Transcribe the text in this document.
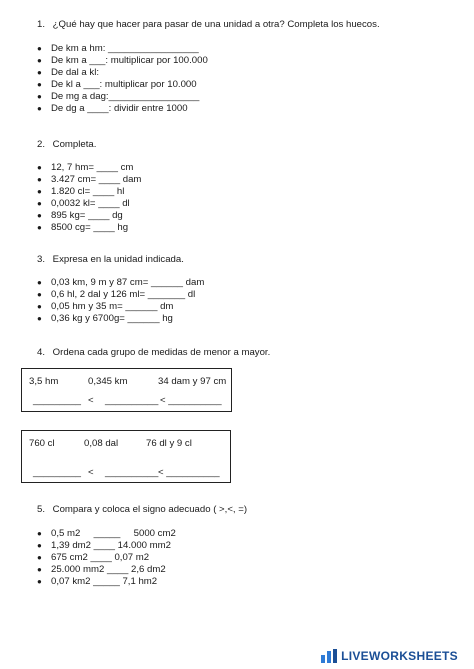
1. ¿Qué hay que hacer para pasar de una unidad a otra? Completa los huecos.
● De km a hm: _________________
● De km a ___: multiplicar por 100.000
● De dal a kl:
● De kl a ___: multiplicar por 10.000
● De mg a dag:_________________
● De dg a ____: dividir entre 1000
2. Completa.
● 12, 7 hm= ____ cm
● 3.427 cm= ____ dam
● 1.820 cl= ____ hl
● 0,0032 kl= ____ dl
● 895 kg= ____ dg
● 8500 cg= ____ hg
3. Expresa en la unidad indicada.
● 0,03 km, 9 m y 87 cm= ______ dam
● 0,6 hl, 2 dal y 126 ml= _______ dl
● 0,05 hm y 35 m= ______ dm
● 0,36 kg y 6700g= ______ hg
4. Ordena cada grupo de medidas de menor a mayor.
3,5 hm	0,345 km	34 dam y 97 cm
_________ < __________ < __________
760 cl	0,08 dal	76 dl y 9 cl
_________ < __________ < __________
5. Compara y coloca el signo adecuado ( >,<, =)
● 0,5 m2     _____     5000 cm2
● 1,39 dm2 ____ 14.000 mm2
● 675 cm2 ____ 0,07 m2
● 25.000 mm2 ____ 2,6 dm2
● 0,07 km2 _____ 7,1 hm2
LIVEWORKSHEETS
